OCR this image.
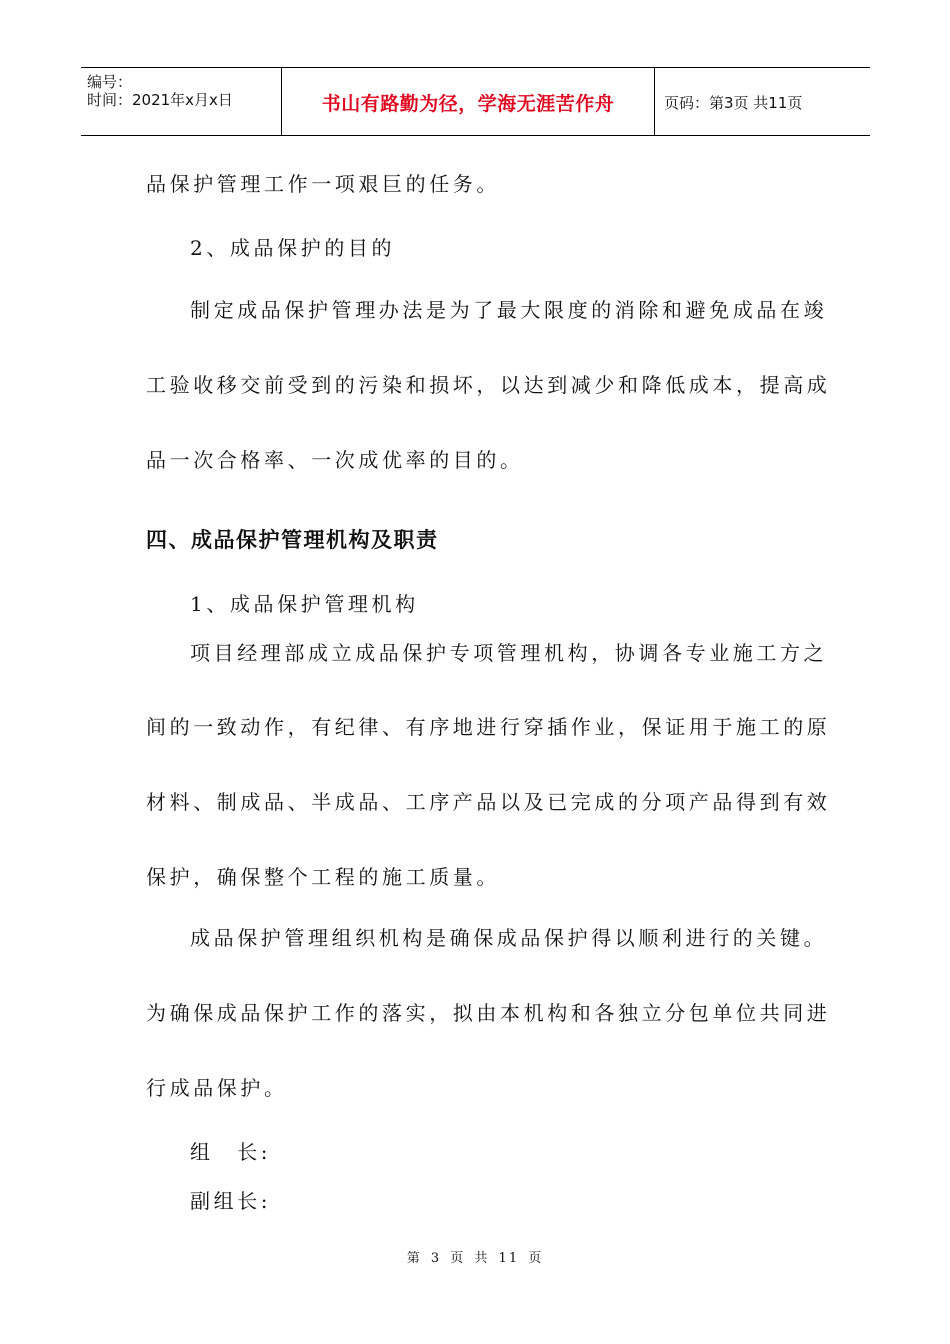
编号：
时间：2021年x月x日	书山有路勤为径，学海无涯苦作舟	页码：第3页 共11页
品保护管理工作一项艰巨的任务。
2、成品保护的目的
制定成品保护管理办法是为了最大限度的消除和避免成品在竣
工验收移交前受到的污染和损坏，以达到减少和降低成本，提高成
品一次合格率、一次成优率的目的。
四、成品保护管理机构及职责
1、成品保护管理机构
项目经理部成立成品保护专项管理机构，协调各专业施工方之
间的一致动作，有纪律、有序地进行穿插作业，保证用于施工的原
材料、制成品、半成品、工序产品以及已完成的分项产品得到有效
保护，确保整个工程的施工质量。
成品保护管理组织机构是确保成品保护得以顺利进行的关键。
为确保成品保护工作的落实，拟由本机构和各独立分包单位共同进
行成品保护。
组　长:
副组长:
第 3 页 共 11 页
